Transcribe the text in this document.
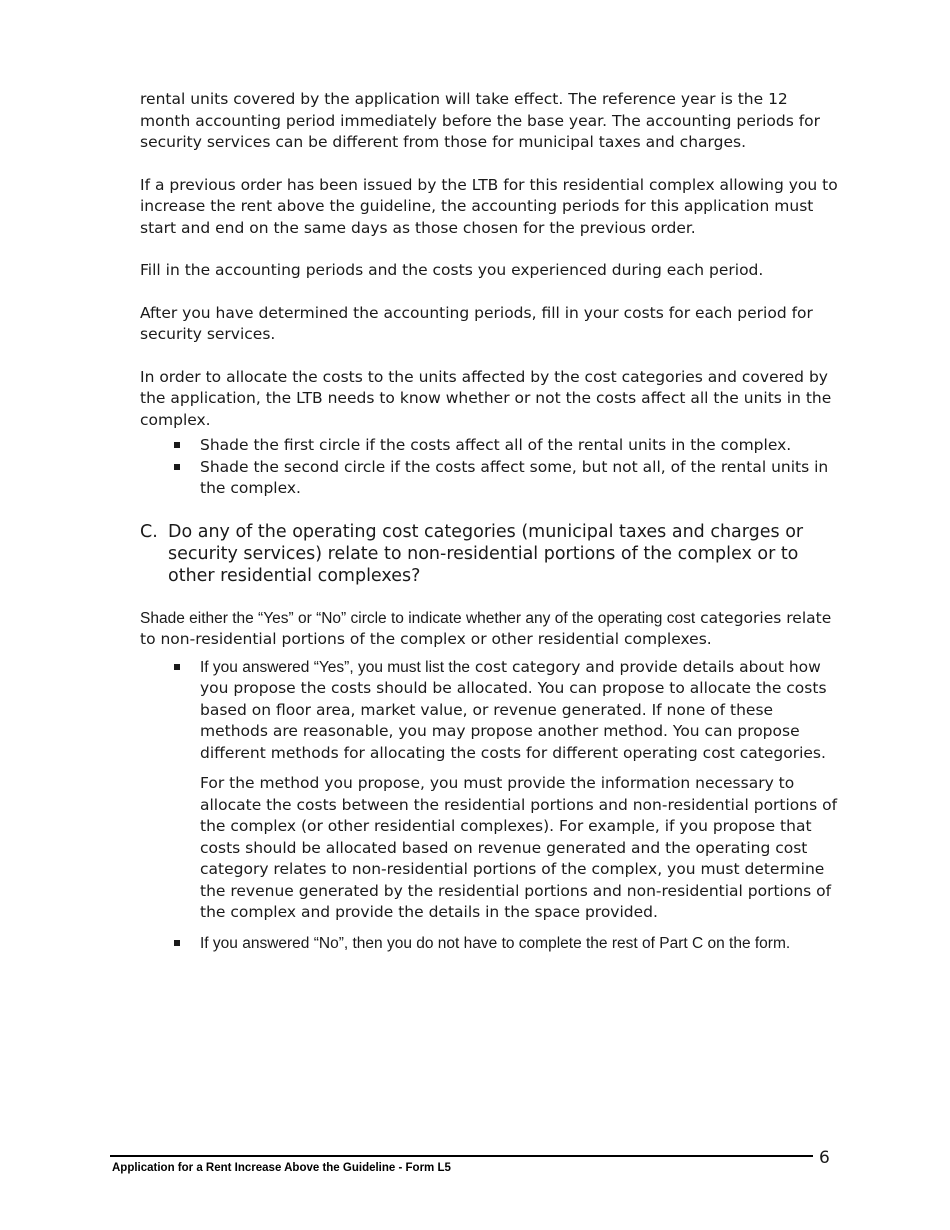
rental units covered by the application will take effect. The reference year is the 12 month accounting period immediately before the base year. The accounting periods for security services can be different from those for municipal taxes and charges.

If a previous order has been issued by the LTB for this residential complex allowing you to increase the rent above the guideline, the accounting periods for this application must start and end on the same days as those chosen for the previous order.

Fill in the accounting periods and the costs you experienced during each period.

After you have determined the accounting periods, fill in your costs for each period for security services.

In order to allocate the costs to the units affected by the cost categories and covered by the application, the LTB needs to know whether or not the costs affect all the units in the complex.

Shade the first circle if the costs affect all of the rental units in the complex.
Shade the second circle if the costs affect some, but not all, of the rental units in the complex.
C. Do any of the operating cost categories (municipal taxes and charges or security services) relate to non-residential portions of the complex or to other residential complexes?

Shade either the “Yes” or “No” circle to indicate whether any of the operating cost categories relate to non-residential portions of the complex or other residential complexes.

If you answered “Yes”, you must list the cost category and provide details about how you propose the costs should be allocated. You can propose to allocate the costs based on floor area, market value, or revenue generated. If none of these methods are reasonable, you may propose another method. You can propose different methods for allocating the costs for different operating cost categories.
For the method you propose, you must provide the information necessary to allocate the costs between the residential portions and non-residential portions of the complex (or other residential complexes). For example, if you propose that costs should be allocated based on revenue generated and the operating cost category relates to non-residential portions of the complex, you must determine the revenue generated by the residential portions and non-residential portions of the complex and provide the details in the space provided.
If you answered “No”, then you do not have to complete the rest of Part C on the form.
6
Application for a Rent Increase Above the Guideline - Form L5
